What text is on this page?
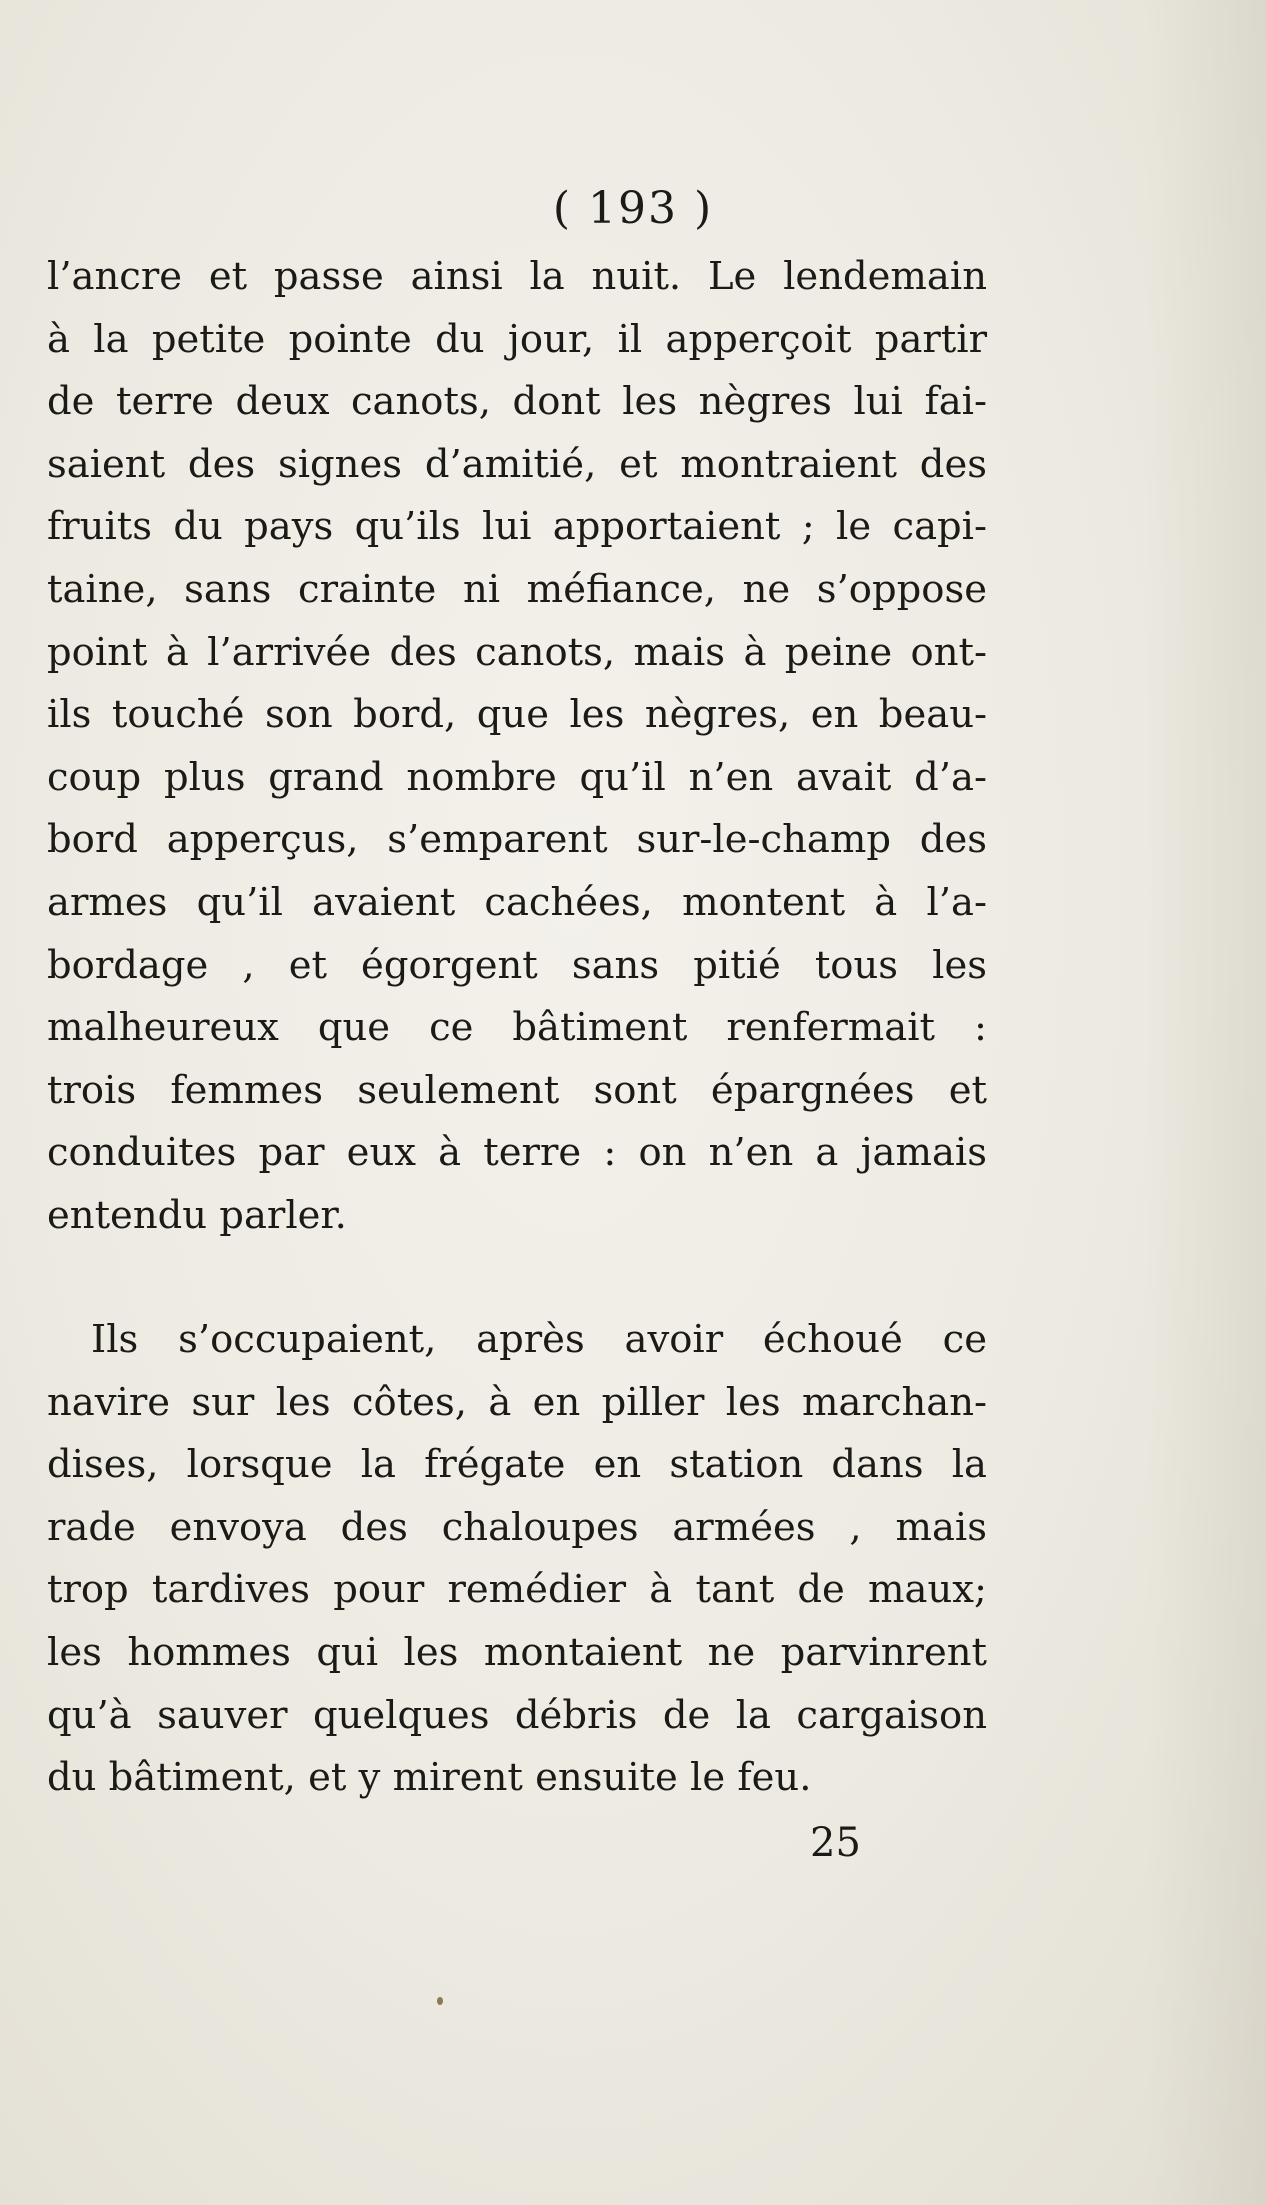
( 193 )
l’ancre et passe ainsi la nuit. Le lendemain
à la petite pointe du jour, il apperçoit partir
de terre deux canots, dont les nègres lui fai-
saient des signes d’amitié, et montraient des
fruits du pays qu’ils lui apportaient ; le capi-
taine, sans crainte ni méfiance, ne s’oppose
point à l’arrivée des canots, mais à peine ont-
ils touché son bord, que les nègres, en beau-
coup plus grand nombre qu’il n’en avait d’a-
bord apperçus, s’emparent sur-le-champ des
armes qu’il avaient cachées, montent à l’a-
bordage , et égorgent sans pitié tous les
malheureux que ce bâtiment renfermait :
trois femmes seulement sont épargnées et
conduites par eux à terre : on n’en a jamais
entendu parler.
Ils s’occupaient, après avoir échoué ce
navire sur les côtes, à en piller les marchan-
dises, lorsque la frégate en station dans la
rade envoya des chaloupes armées , mais
trop tardives pour remédier à tant de maux;
les hommes qui les montaient ne parvinrent
qu’à sauver quelques débris de la cargaison
du bâtiment, et y mirent ensuite le feu.
25
